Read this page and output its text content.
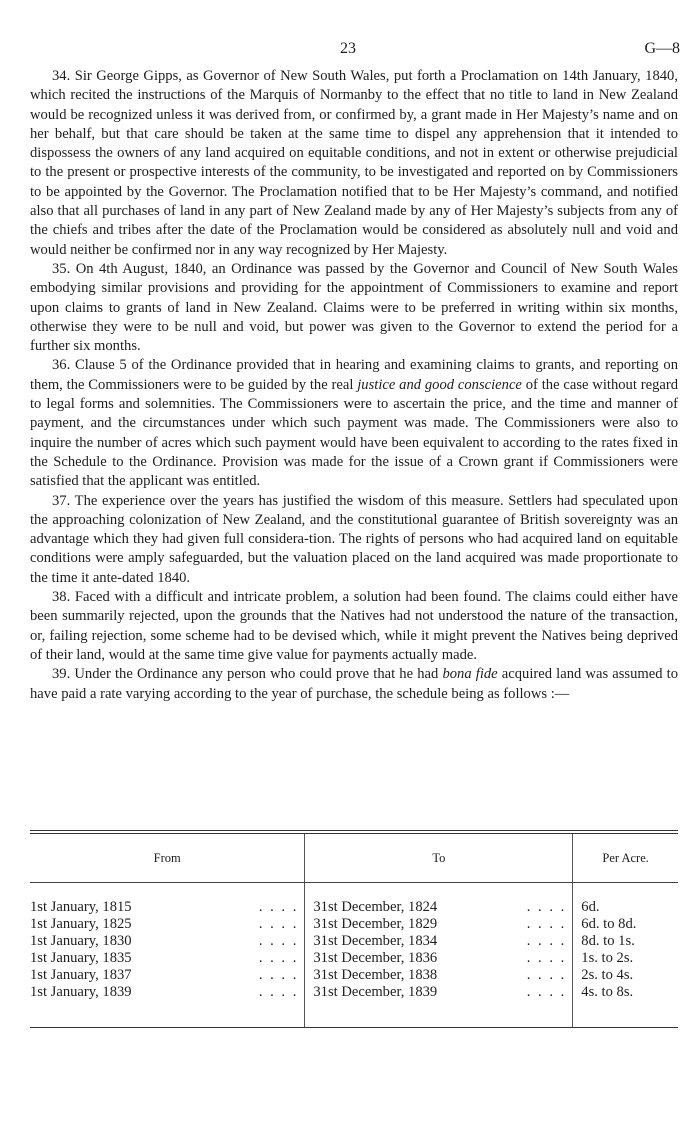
23	G—8

34. Sir George Gipps, as Governor of New South Wales, put forth a Proclamation on 14th January, 1840, which recited the instructions of the Marquis of Normanby to the effect that no title to land in New Zealand would be recognized unless it was derived from, or confirmed by, a grant made in Her Majesty’s name and on her behalf, but that care should be taken at the same time to dispel any apprehension that it intended to dispossess the owners of any land acquired on equitable conditions, and not in extent or otherwise prejudicial to the present or prospective interests of the community, to be investigated and reported on by Commissioners to be appointed by the Governor. The Proclamation notified that to be Her Majesty’s command, and notified also that all purchases of land in any part of New Zealand made by any of Her Majesty’s subjects from any of the chiefs and tribes after the date of the Proclamation would be considered as absolutely null and void and would neither be confirmed nor in any way recognized by Her Majesty.

35. On 4th August, 1840, an Ordinance was passed by the Governor and Council of New South Wales embodying similar provisions and providing for the appointment of Commissioners to examine and report upon claims to grants of land in New Zealand. Claims were to be preferred in writing within six months, otherwise they were to be null and void, but power was given to the Governor to extend the period for a further six months.

36. Clause 5 of the Ordinance provided that in hearing and examining claims to grants, and reporting on them, the Commissioners were to be guided by the real justice and good conscience of the case without regard to legal forms and solemnities. The Commissioners were to ascertain the price, and the time and manner of payment, and the circumstances under which such payment was made. The Commissioners were also to inquire the number of acres which such payment would have been equivalent to according to the rates fixed in the Schedule to the Ordinance. Provision was made for the issue of a Crown grant if Commissioners were satisfied that the applicant was entitled.

37. The experience over the years has justified the wisdom of this measure. Settlers had speculated upon the approaching colonization of New Zealand, and the constitutional guarantee of British sovereignty was an advantage which they had given full considera-tion. The rights of persons who had acquired land on equitable conditions were amply safeguarded, but the valuation placed on the land acquired was made proportionate to the time it ante-dated 1840.

38. Faced with a difficult and intricate problem, a solution had been found. The claims could either have been summarily rejected, upon the grounds that the Natives had not understood the nature of the transaction, or, failing rejection, some scheme had to be devised which, while it might prevent the Natives being deprived of their land, would at the same time give value for payments actually made.

39. Under the Ordinance any person who could prove that he had bona fide acquired land was assumed to have paid a rate varying according to the year of purchase, the schedule being as follows :—

From	To	Per Acre.

1st January, 1815 . . . .	31st December, 1824 . . . .	6d.

1st January, 1825 . . . .	31st December, 1829 . . . .	6d. to 8d.

1st January, 1830 . . . .	31st December, 1834 . . . .	8d. to 1s.

1st January, 1835 . . . .	31st December, 1836 . . . .	1s. to 2s.

1st January, 1837 . . . .	31st December, 1838 . . . .	2s. to 4s.

1st January, 1839 . . . .	31st December, 1839 . . . .	4s. to 8s.
